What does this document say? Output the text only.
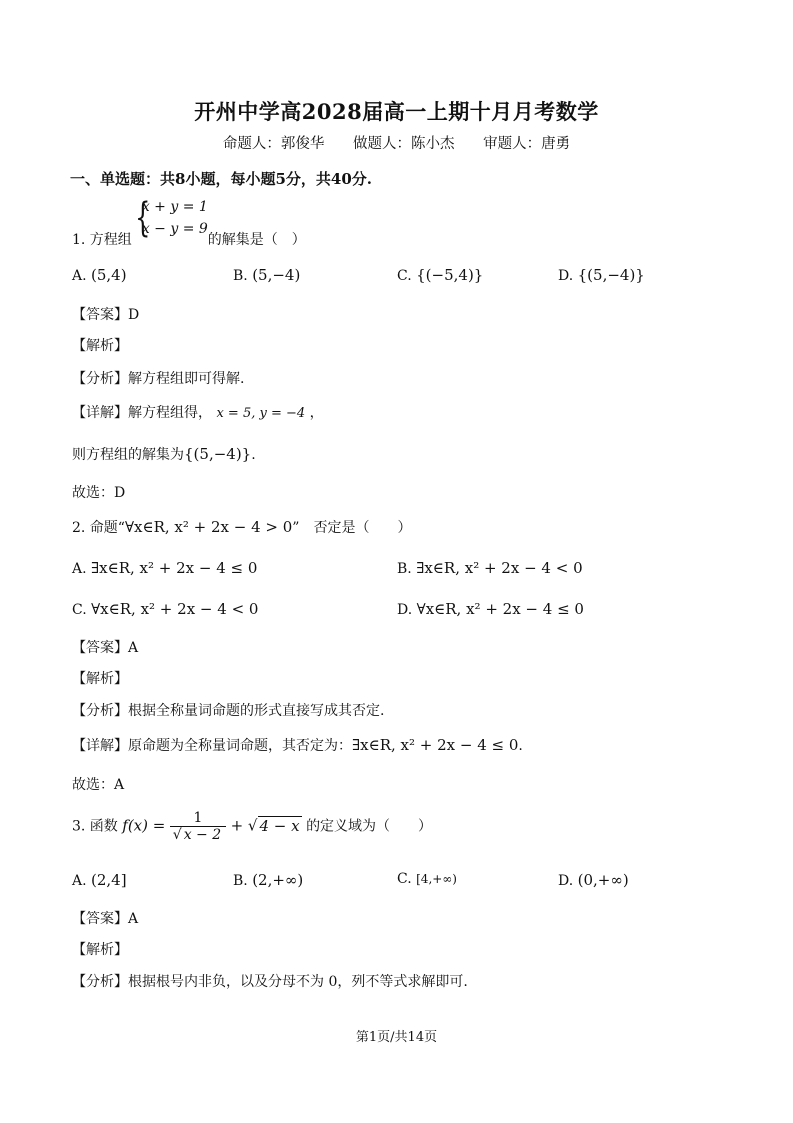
开州中学高2028届高一上期十月月考数学
命题人：郭俊华 做题人：陈小杰 审题人：唐勇
一、单选题：共8小题，每小题5分，共40分.
1. 方程组
{ x + y = 1
x − y = 9
的解集是（　）
A. (5,4)	B. (5,−4)	C. {(−5,4)}	D. {(5,−4)}
【答案】D
【解析】
【分析】解方程组即可得解.
【详解】解方程组得， x = 5, y = −4 ，
则方程组的解集为{(5,−4)}.
故选：D
2. 命题“∀x∈R, x² + 2x − 4 > 0”　否定是（　　）
A. ∃x∈R, x² + 2x − 4 ≤ 0	B. ∃x∈R, x² + 2x − 4 < 0
C. ∀x∈R, x² + 2x − 4 < 0	D. ∀x∈R, x² + 2x − 4 ≤ 0
【答案】A
【解析】
【分析】根据全称量词命题的形式直接写成其否定.
【详解】原命题为全称量词命题，其否定为：∃x∈R, x² + 2x − 4 ≤ 0.
故选：A
3. 函数 $f(x) = \frac{1}{√ x - 2}$ + √ 4 − x 的定义域为（　　）
A. (2,4]	B. (2,+∞)	C. [4,+∞)	D. (0,+∞)
【答案】A
【解析】
【分析】根据根号内非负，以及分母不为 0，列不等式求解即可.
第1页/共14页
